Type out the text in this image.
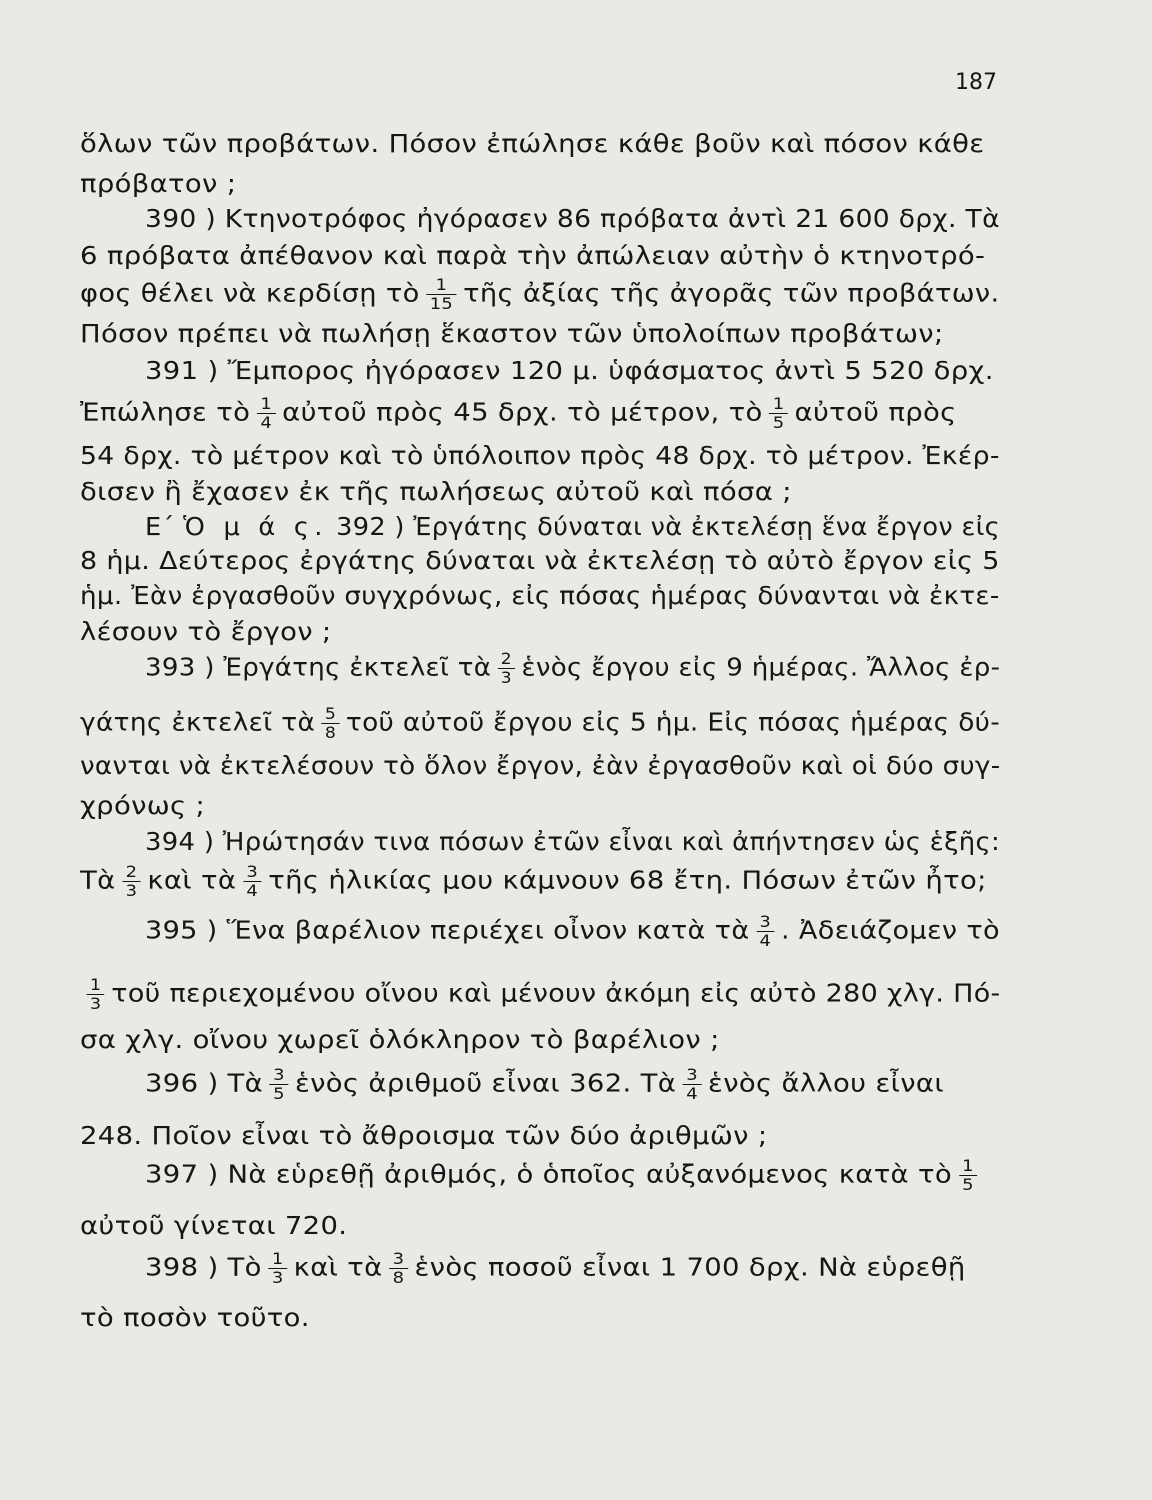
187
ὅλων τῶν προβάτων. Πόσον ἐπώλησε κάθε βοῦν καὶ πόσον κάθε
πρόβατον ;
390 ) Κτηνοτρόφος ἠγόρασεν 86 πρόβατα ἀντὶ 21 600 δρχ. Τὰ
6 πρόβατα ἀπέθανον καὶ παρὰ τὴν ἀπώλειαν αὐτὴν ὁ κτηνοτρό-
φος θέλει νὰ κερδίσῃ τὸ $\frac{1}{15}$ τῆς ἀξίας τῆς ἀγορᾶς τῶν προβάτων.
Πόσον πρέπει νὰ πωλήσῃ ἕκαστον τῶν ὑπολοίπων προβάτων;
391 ) Ἔμπορος ἠγόρασεν 120 μ. ὑφάσματος ἀντὶ 5 520 δρχ.
Ἐπώλησε τὸ $\frac{1}{4}$ αὐτοῦ πρὸς 45 δρχ. τὸ μέτρον, τὸ $\frac{1}{5}$ αὐτοῦ πρὸς
54 δρχ. τὸ μέτρον καὶ τὸ ὑπόλοιπον πρὸς 48 δρχ. τὸ μέτρον. Ἐκέρ-
δισεν ἢ ἔχασεν ἐκ τῆς πωλήσεως αὐτοῦ καὶ πόσα ;
Ε΄ Ὁ μ ά ς. 392 ) Ἐργάτης δύναται νὰ ἐκτελέσῃ ἕνα ἔργον εἰς
8 ἡμ. Δεύτερος ἐργάτης δύναται νὰ ἐκτελέσῃ τὸ αὐτὸ ἔργον εἰς 5
ἡμ. Ἐὰν ἐργασθοῦν συγχρόνως, εἰς πόσας ἡμέρας δύνανται νὰ ἐκτε-
λέσουν τὸ ἔργον ;
393 ) Ἐργάτης ἐκτελεῖ τὰ $\frac{2}{3}$ ἑνὸς ἔργου εἰς 9 ἡμέρας. Ἄλλος ἐρ-
γάτης ἐκτελεῖ τὰ $\frac{5}{8}$ τοῦ αὐτοῦ ἔργου εἰς 5 ἡμ. Εἰς πόσας ἡμέρας δύ-
νανται νὰ ἐκτελέσουν τὸ ὅλον ἔργον, ἐὰν ἐργασθοῦν καὶ οἱ δύο συγ-
χρόνως ;
394 ) Ἠρώτησάν τινα πόσων ἐτῶν εἶναι καὶ ἀπήντησεν ὡς ἑξῆς:
Τὰ $\frac{2}{3}$ καὶ τὰ $\frac{3}{4}$ τῆς ἡλικίας μου κάμνουν 68 ἔτη. Πόσων ἐτῶν ἦτο;
395 ) Ἕνα βαρέλιον περιέχει οἶνον κατὰ τὰ $\frac{3}{4}$ . Ἀδειάζομεν τὸ
$\frac{1}{3}$ τοῦ περιεχομένου οἴνου καὶ μένουν ἀκόμη εἰς αὐτὸ 280 χλγ. Πό-
σα χλγ. οἴνου χωρεῖ ὁλόκληρον τὸ βαρέλιον ;
396 ) Τὰ $\frac{3}{5}$ ἑνὸς ἀριθμοῦ εἶναι 362. Τὰ $\frac{3}{4}$ ἑνὸς ἄλλου εἶναι
248. Ποῖον εἶναι τὸ ἄθροισμα τῶν δύο ἀριθμῶν ;
397 ) Νὰ εὑρεθῇ ἀριθμός, ὁ ὁποῖος αὐξανόμενος κατὰ τὸ $\frac{1}{5}$
αὐτοῦ γίνεται 720.
398 ) Τὸ $\frac{1}{3}$ καὶ τὰ $\frac{3}{8}$ ἑνὸς ποσοῦ εἶναι 1 700 δρχ. Νὰ εὑρεθῇ
τὸ ποσὸν τοῦτο.
